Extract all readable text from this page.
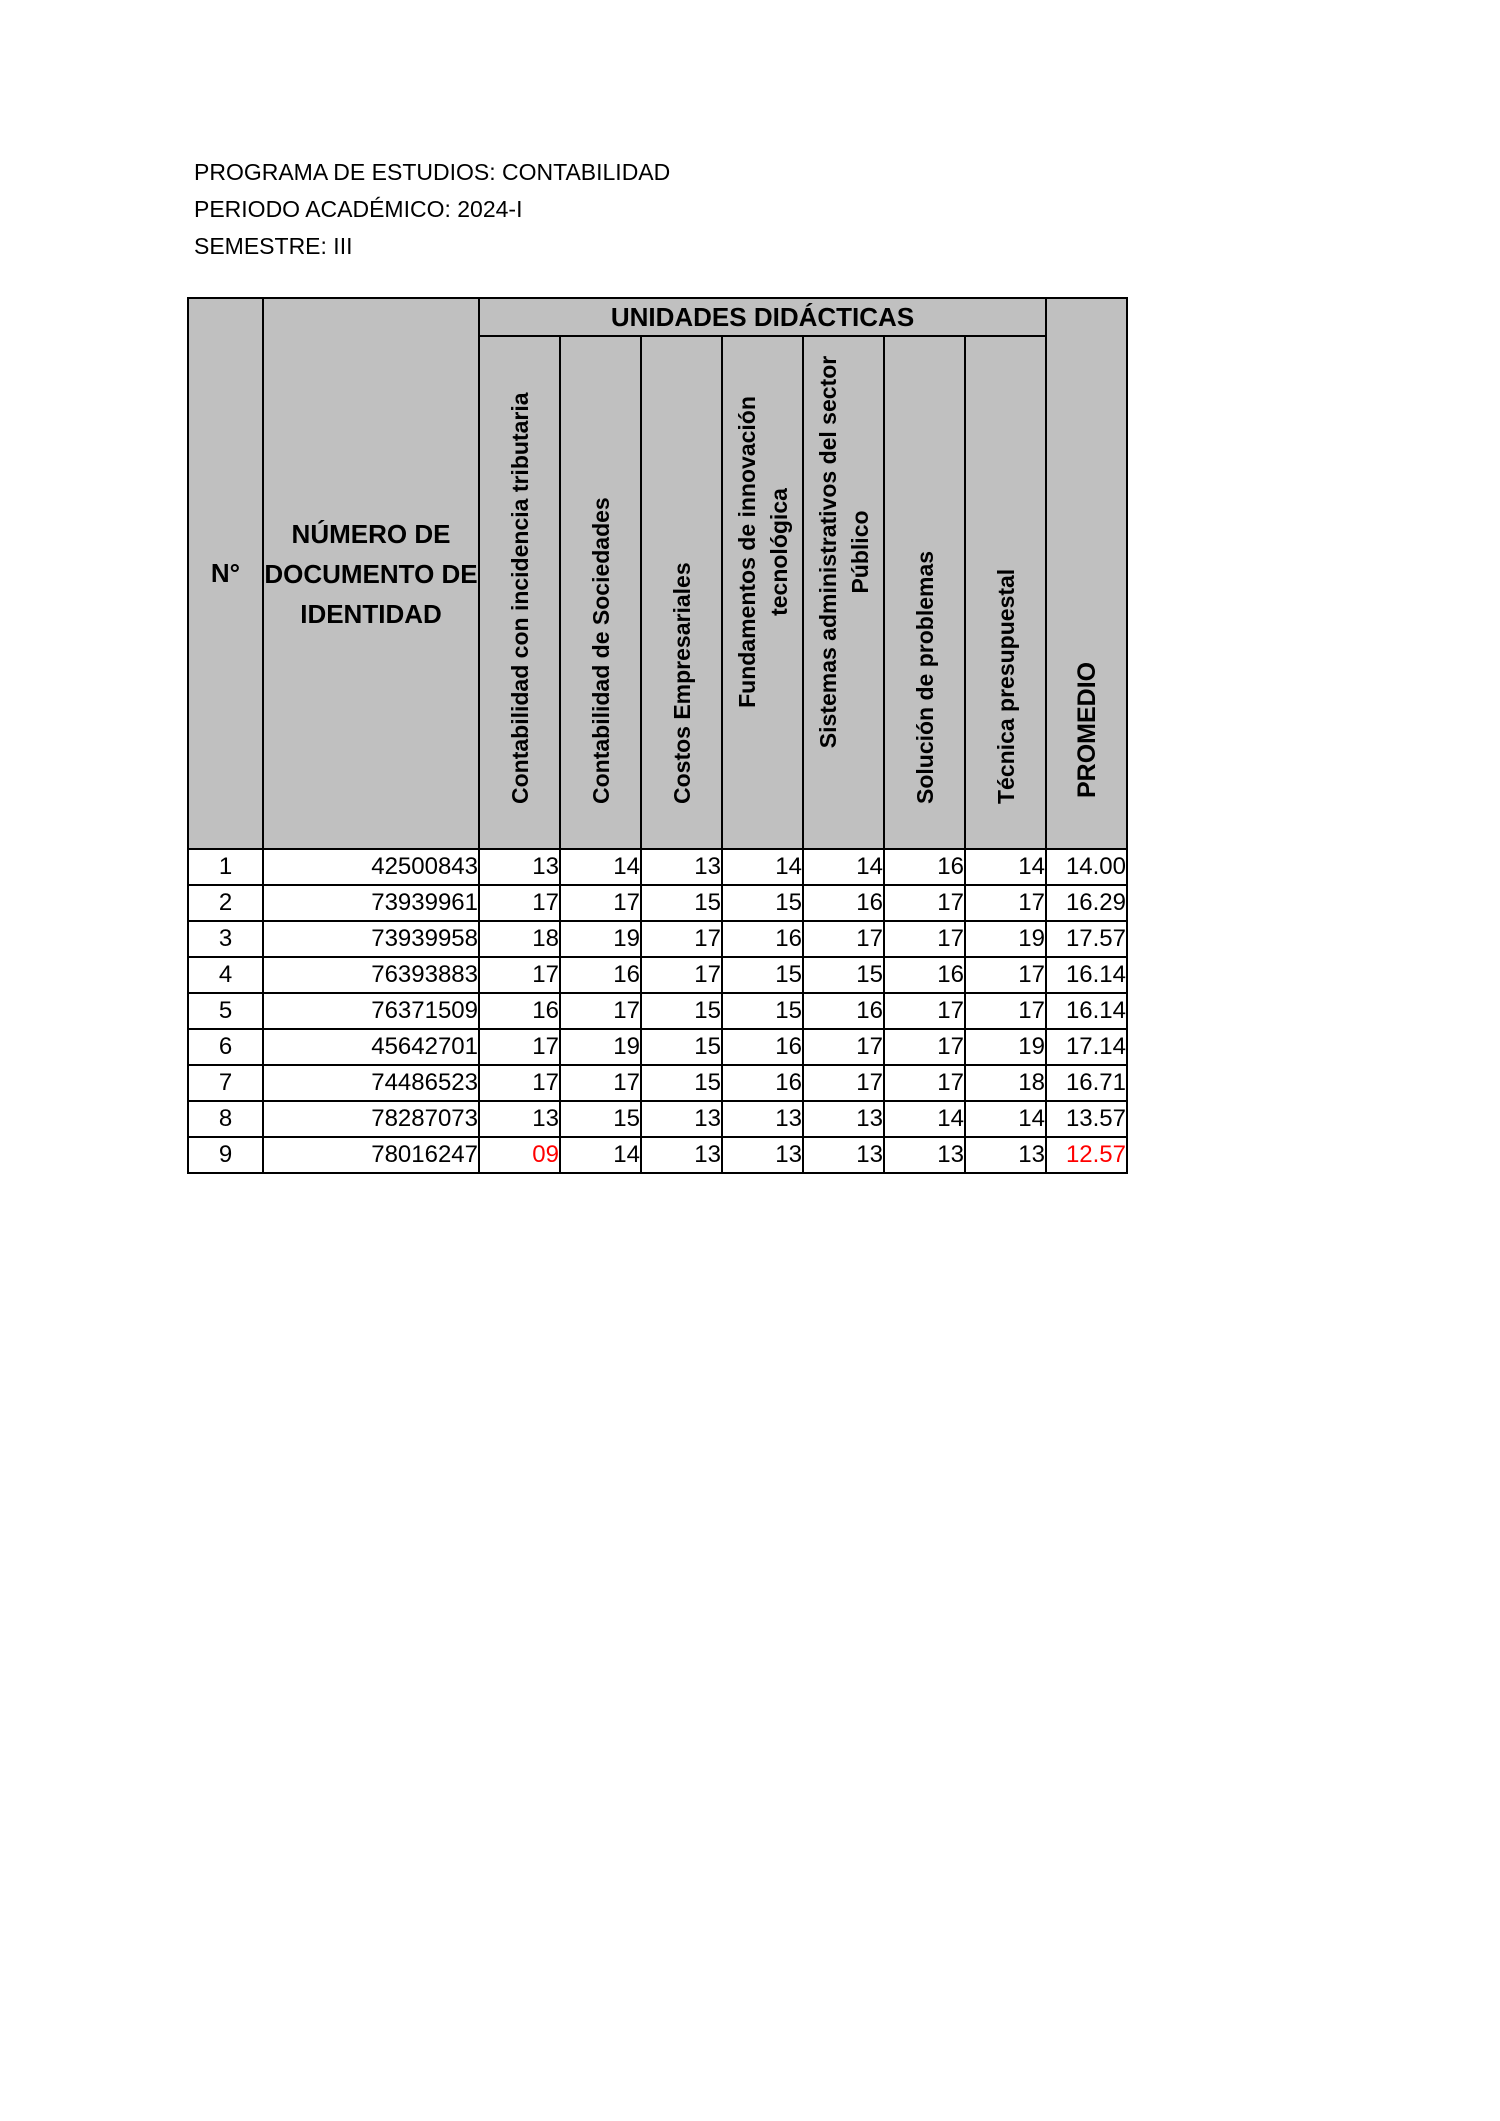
PROGRAMA DE ESTUDIOS: CONTABILIDAD
PERIODO ACADÉMICO: 2024-I
SEMESTRE: III
N°	NÚMERO DE DOCUMENTO DE IDENTIDAD	UNIDADES DIDÁCTICAS							PROMEDIO

		Contabilidad con incidencia tributaria	Contabilidad de Sociedades	Costos Empresariales	Fundamentos de innovación tecnológica	Sistemas administrativos del sector Público	Solución de problemas	Técnica presupuestal	

1	42500843	13	14	13	14	14	16	14	14.00
2	73939961	17	17	15	15	16	17	17	16.29
3	73939958	18	19	17	16	17	17	19	17.57
4	76393883	17	16	17	15	15	16	17	16.14
5	76371509	16	17	15	15	16	17	17	16.14
6	45642701	17	19	15	16	17	17	19	17.14
7	74486523	17	17	15	16	17	17	18	16.71
8	78287073	13	15	13	13	13	14	14	13.57
9	78016247	09	14	13	13	13	13	13	12.57
